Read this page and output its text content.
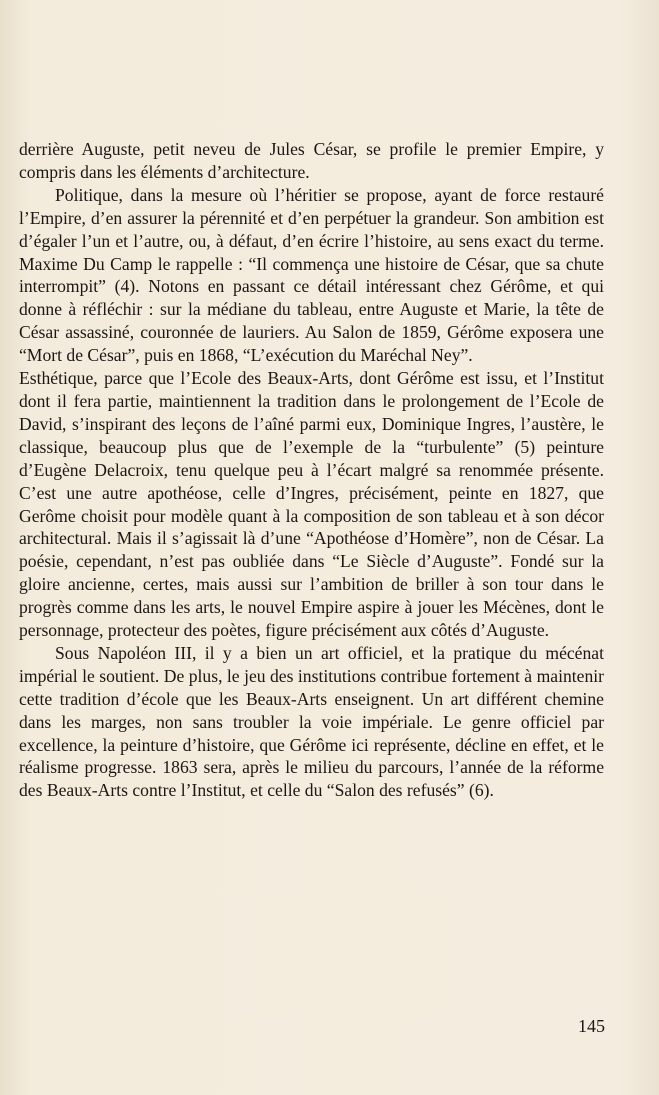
derrière Auguste, petit neveu de Jules César, se profile le premier Empire, y compris dans les éléments d’architecture.

Politique, dans la mesure où l’héritier se propose, ayant de force restauré l’Empire, d’en assurer la pérennité et d’en perpétuer la grandeur. Son ambition est d’égaler l’un et l’autre, ou, à défaut, d’en écrire l’histoire, au sens exact du terme. Maxime Du Camp le rappelle : “Il commença une histoire de César, que sa chute interrompit” (4). Notons en passant ce détail intéressant chez Gérôme, et qui donne à réfléchir : sur la médiane du tableau, entre Auguste et Marie, la tête de César assassiné, couronnée de lauriers. Au Salon de 1859, Gérôme exposera une “Mort de César”, puis en 1868, “L’exécution du Maréchal Ney”.

Esthétique, parce que l’Ecole des Beaux-Arts, dont Gérôme est issu, et l’Institut dont il fera partie, maintiennent la tradition dans le prolongement de l’Ecole de David, s’inspirant des leçons de l’aîné parmi eux, Dominique Ingres, l’austère, le classique, beaucoup plus que de l’exemple de la “turbulente” (5) peinture d’Eugène Delacroix, tenu quelque peu à l’écart malgré sa renommée présente. C’est une autre apothéose, celle d’Ingres, précisément, peinte en 1827, que Gerôme choisit pour modèle quant à la composition de son tableau et à son décor architectural. Mais il s’agissait là d’une “Apothéose d’Homère”, non de César. La poésie, cependant, n’est pas oubliée dans “Le Siècle d’Auguste”. Fondé sur la gloire ancienne, certes, mais aussi sur l’ambition de briller à son tour dans le progrès comme dans les arts, le nouvel Empire aspire à jouer les Mécènes, dont le personnage, protecteur des poètes, figure précisément aux côtés d’Auguste.

Sous Napoléon III, il y a bien un art officiel, et la pratique du mécénat impérial le soutient. De plus, le jeu des institutions contribue fortement à maintenir cette tradition d’école que les Beaux-Arts enseignent. Un art différent chemine dans les marges, non sans troubler la voie impériale. Le genre officiel par excellence, la peinture d’histoire, que Gérôme ici représente, décline en effet, et le réalisme progresse. 1863 sera, après le milieu du parcours, l’année de la réforme des Beaux-Arts contre l’Institut, et celle du “Salon des refusés” (6).

145
